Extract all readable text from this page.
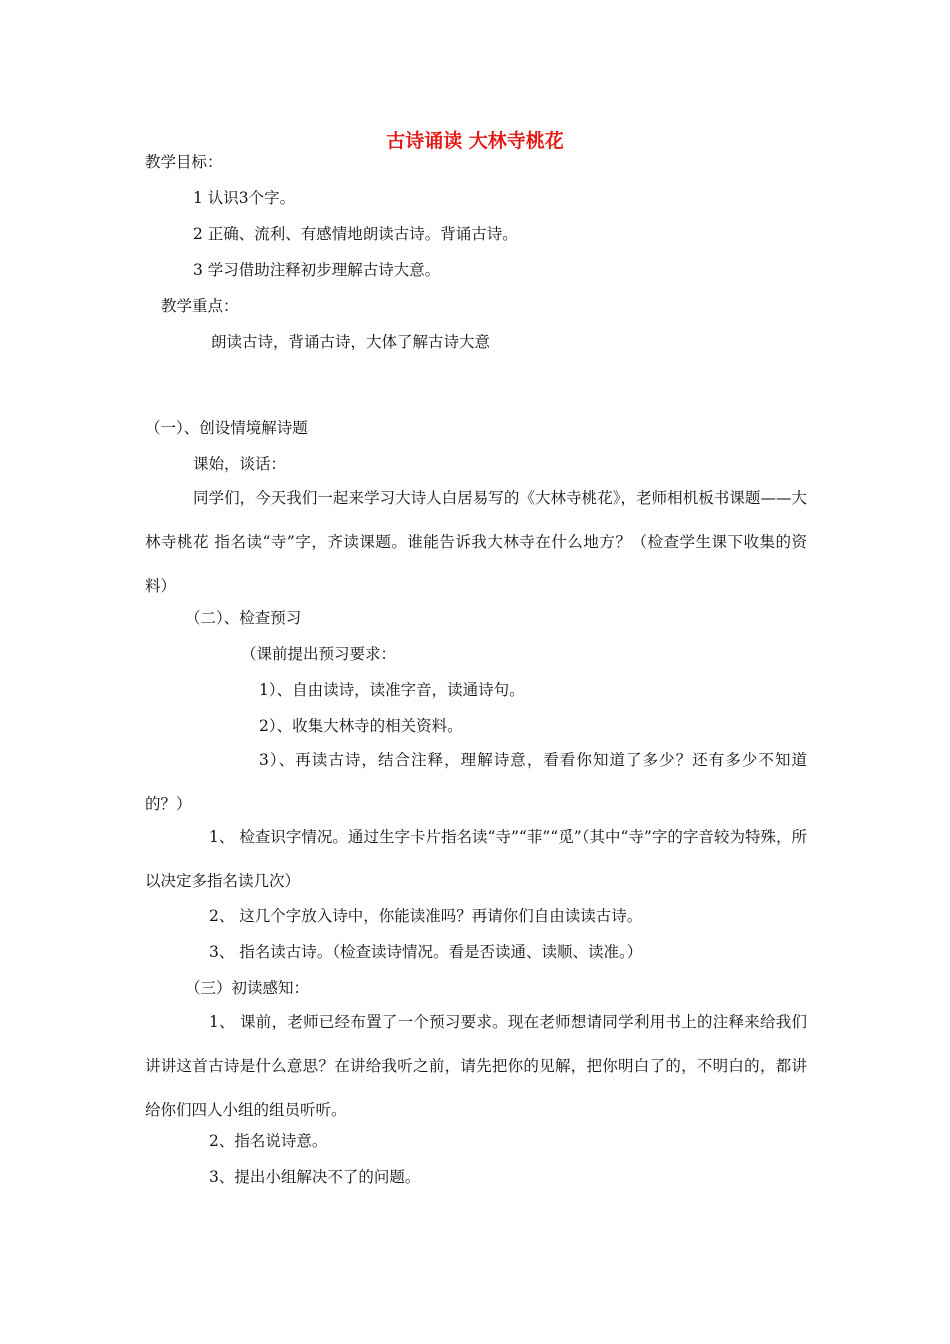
古诗诵读 大林寺桃花
教学目标：
1 认识3个字。
2 正确、流利、有感情地朗读古诗。背诵古诗。
3 学习借助注释初步理解古诗大意。
教学重点：
朗读古诗，背诵古诗，大体了解古诗大意
（一）、创设情境解诗题
课始，谈话：
同学们，今天我们一起来学习大诗人白居易写的《大林寺桃花》，老师相机板书课题——大林寺桃花 指名读“寺”字，齐读课题。谁能告诉我大林寺在什么地方？（检查学生课下收集的资料）
（二）、检查预习
（课前提出预习要求：
1）、自由读诗，读准字音，读通诗句。
2）、收集大林寺的相关资料。
3）、再读古诗，结合注释，理解诗意，看看你知道了多少？还有多少不知道的？）
1、 检查识字情况。通过生字卡片指名读“寺”“菲”“觅”（其中“寺”字的字音较为特殊，所以决定多指名读几次）
2、 这几个字放入诗中，你能读准吗？再请你们自由读读古诗。
3、 指名读古诗。（检查读诗情况。看是否读通、读顺、读准。）
（三）初读感知：
1、 课前，老师已经布置了一个预习要求。现在老师想请同学利用书上的注释来给我们讲讲这首古诗是什么意思？在讲给我听之前，请先把你的见解，把你明白了的，不明白的，都讲给你们四人小组的组员听听。
2、指名说诗意。
3、提出小组解决不了的问题。
